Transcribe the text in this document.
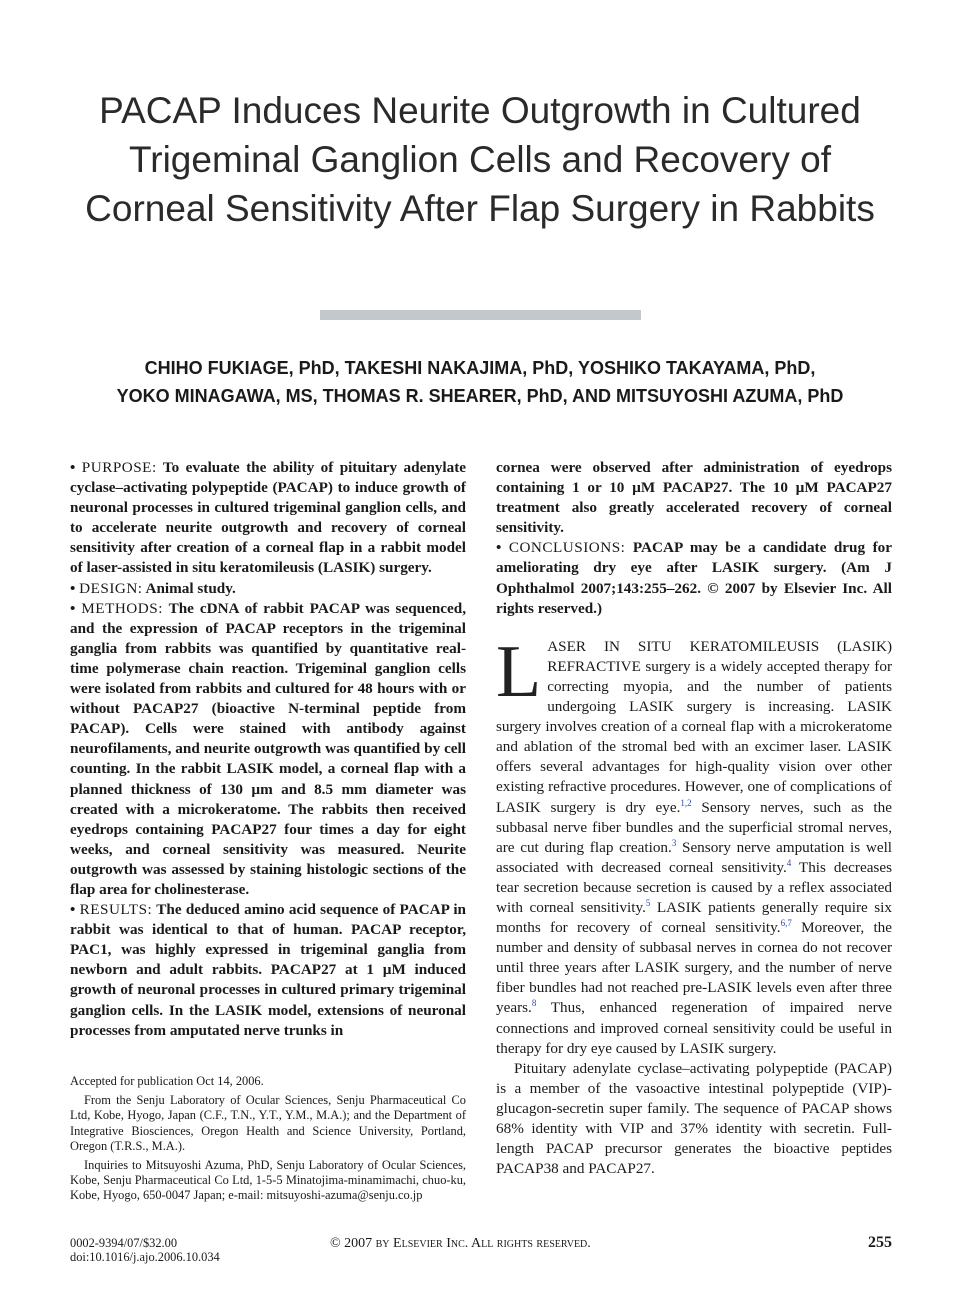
PACAP Induces Neurite Outgrowth in Cultured Trigeminal Ganglion Cells and Recovery of Corneal Sensitivity After Flap Surgery in Rabbits
CHIHO FUKIAGE, PhD, TAKESHI NAKAJIMA, PhD, YOSHIKO TAKAYAMA, PhD,
YOKO MINAGAWA, MS, THOMAS R. SHEARER, PhD, AND MITSUYOSHI AZUMA, PhD

• PURPOSE: To evaluate the ability of pituitary adenylate cyclase–activating polypeptide (PACAP) to induce growth of neuronal processes in cultured trigeminal ganglion cells, and to accelerate neurite outgrowth and recovery of corneal sensitivity after creation of a corneal flap in a rabbit model of laser-assisted in situ keratomileusis (LASIK) surgery.

• DESIGN: Animal study.

• METHODS: The cDNA of rabbit PACAP was sequenced, and the expression of PACAP receptors in the trigeminal ganglia from rabbits was quantified by quantitative real-time polymerase chain reaction. Trigeminal ganglion cells were isolated from rabbits and cultured for 48 hours with or without PACAP27 (bioactive N-terminal peptide from PACAP). Cells were stained with antibody against neurofilaments, and neurite outgrowth was quantified by cell counting. In the rabbit LASIK model, a corneal flap with a planned thickness of 130 µm and 8.5 mm diameter was created with a microkeratome. The rabbits then received eyedrops containing PACAP27 four times a day for eight weeks, and corneal sensitivity was measured. Neurite outgrowth was assessed by staining histologic sections of the flap area for cholinesterase.

• RESULTS: The deduced amino acid sequence of PACAP in rabbit was identical to that of human. PACAP receptor, PAC1, was highly expressed in trigeminal ganglia from newborn and adult rabbits. PACAP27 at 1 µM induced growth of neuronal processes in cultured primary trigeminal ganglion cells. In the LASIK model, extensions of neuronal processes from amputated nerve trunks in

Accepted for publication Oct 14, 2006.

From the Senju Laboratory of Ocular Sciences, Senju Pharmaceutical Co Ltd, Kobe, Hyogo, Japan (C.F., T.N., Y.T., Y.M., M.A.); and the Department of Integrative Biosciences, Oregon Health and Science University, Portland, Oregon (T.R.S., M.A.).

Inquiries to Mitsuyoshi Azuma, PhD, Senju Laboratory of Ocular Sciences, Kobe, Senju Pharmaceutical Co Ltd, 1-5-5 Minatojima-minamimachi, chuo-ku, Kobe, Hyogo, 650-0047 Japan; e-mail: mitsuyoshi-azuma@senju.co.jp

cornea were observed after administration of eyedrops containing 1 or 10 µM PACAP27. The 10 µM PACAP27 treatment also greatly accelerated recovery of corneal sensitivity.

• CONCLUSIONS: PACAP may be a candidate drug for ameliorating dry eye after LASIK surgery. (Am J Ophthalmol 2007;143:255–262. © 2007 by Elsevier Inc. All rights reserved.)

LASER IN SITU KERATOMILEUSIS (LASIK) REFRACTIVE surgery is a widely accepted therapy for correcting myopia, and the number of patients undergoing LASIK surgery is increasing. LASIK surgery involves creation of a corneal flap with a microkeratome and ablation of the stromal bed with an excimer laser. LASIK offers several advantages for high-quality vision over other existing refractive procedures. However, one of complications of LASIK surgery is dry eye.$^{1,2}$ Sensory nerves, such as the subbasal nerve fiber bundles and the superficial stromal nerves, are cut during flap creation.$^3$ Sensory nerve amputation is well associated with decreased corneal sensitivity.$^4$ This decreases tear secretion because secretion is caused by a reflex associated with corneal sensitivity.$^5$ LASIK patients generally require six months for recovery of corneal sensitivity.$^{6,7}$ Moreover, the number and density of subbasal nerves in cornea do not recover until three years after LASIK surgery, and the number of nerve fiber bundles had not reached pre-LASIK levels even after three years.$^8$ Thus, enhanced regeneration of impaired nerve connections and improved corneal sensitivity could be useful in therapy for dry eye caused by LASIK surgery.

Pituitary adenylate cyclase–activating polypeptide (PACAP) is a member of the vasoactive intestinal polypeptide (VIP)-glucagon-secretin super family. The sequence of PACAP shows 68% identity with VIP and 37% identity with secretin. Full-length PACAP precursor generates the bioactive peptides PACAP38 and PACAP27.

0002-9394/07/$32.00
doi:10.1016/j.ajo.2006.10.034
© 2007 by Elsevier Inc. All rights reserved.	255
